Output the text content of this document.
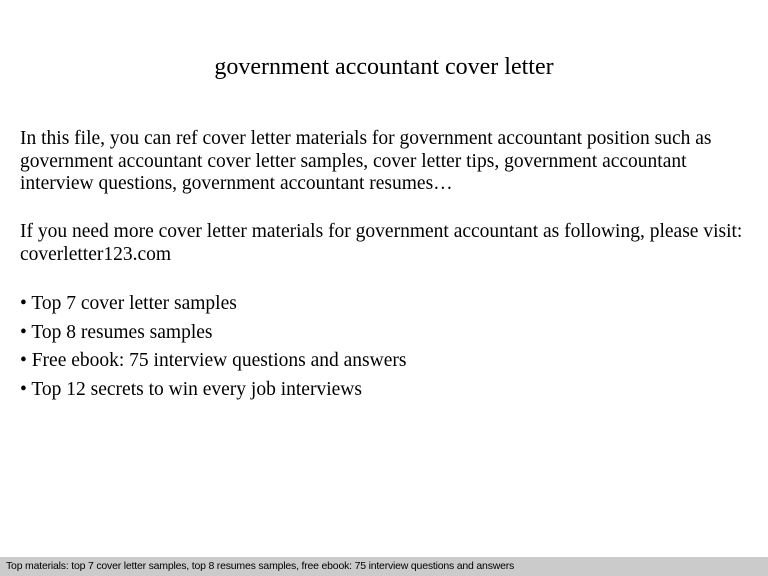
government accountant cover letter

In this file, you can ref cover letter materials for government accountant position such as government accountant cover letter samples, cover letter tips, government accountant interview questions, government accountant resumes…

If you need more cover letter materials for government accountant as following, please visit: coverletter123.com

• Top 7 cover letter samples
• Top 8 resumes samples
• Free ebook: 75 interview questions and answers
• Top 12 secrets to win every job interviews
Top materials: top 7 cover letter samples, top 8 resumes samples, free ebook: 75 interview questions and answers
